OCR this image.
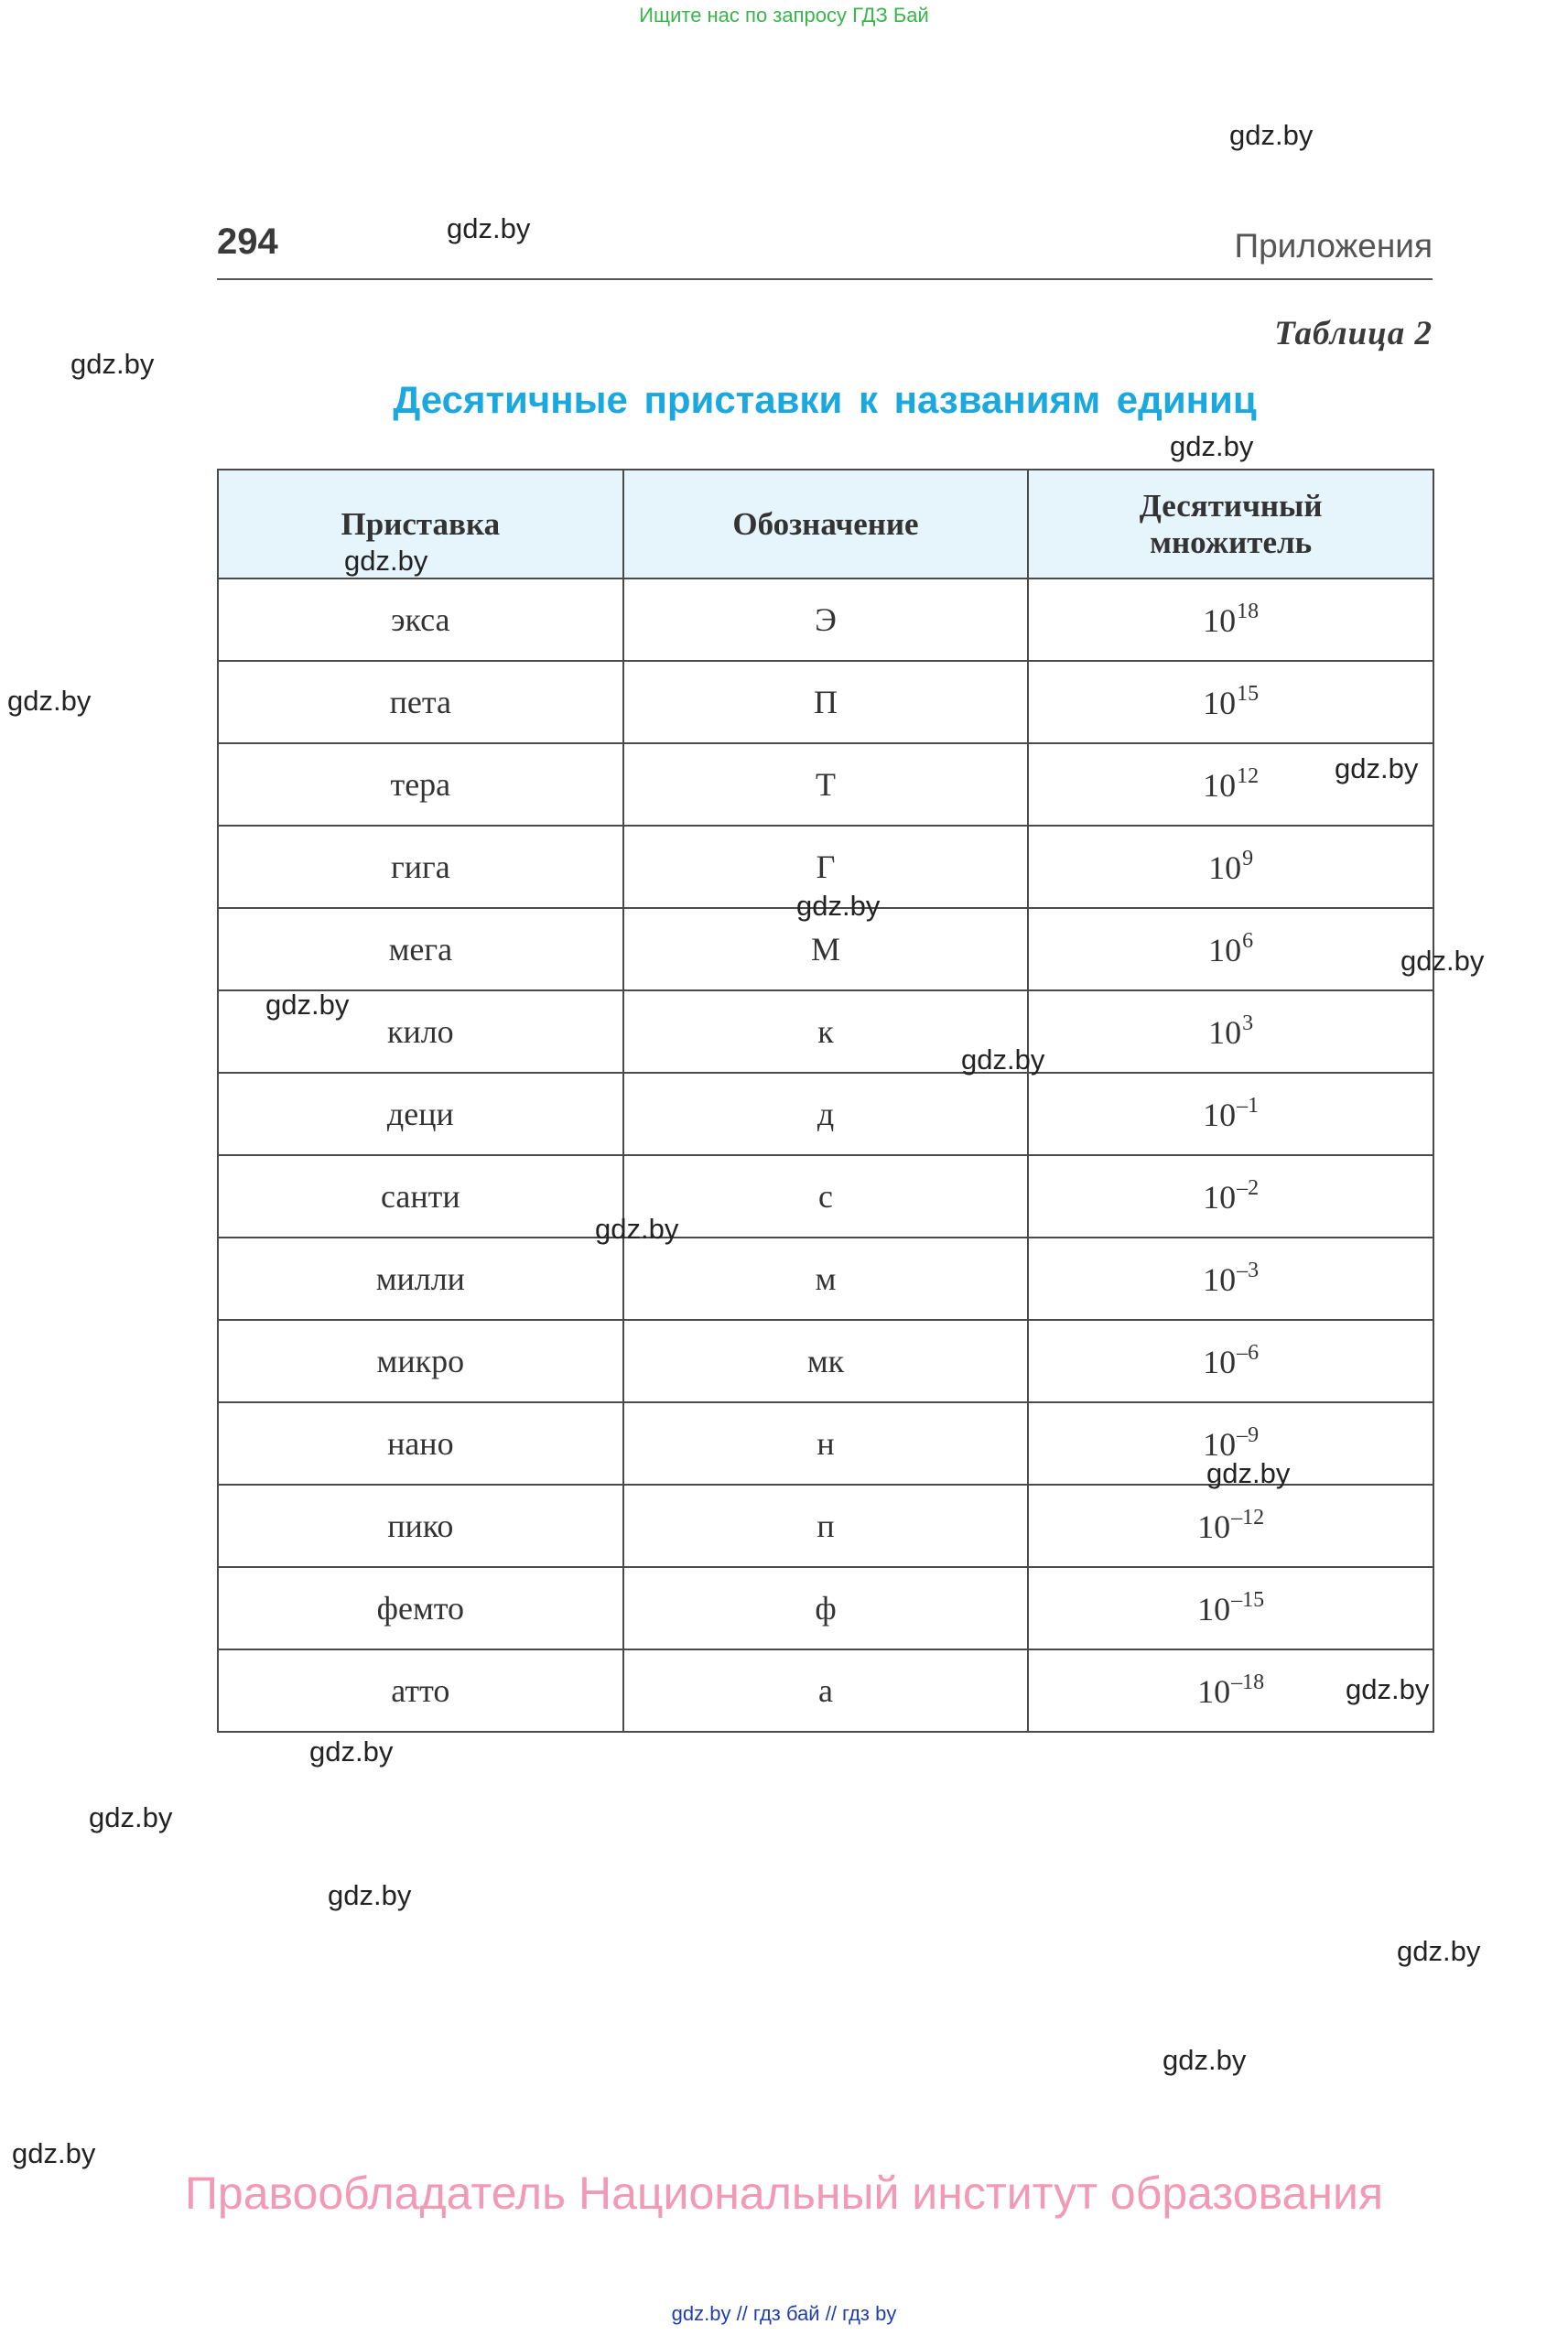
Ищите нас по запросу ГДЗ Бай
294	Приложения
Таблица 2
Десятичные приставки к названиям единиц
Приставка	Обозначение	Десятичный
множитель
экса	Э	$10^{18}$
пета	П	$10^{15}$
тера	Т	$10^{12}$
гига	Г	$10^9$
мега	М	$10^6$
кило	к	$10^3$
деци	д	$10^{-1}$
санти	с	$10^{-2}$
милли	м	$10^{-3}$
микро	мк	$10^{-6}$
нано	н	$10^{-9}$
пико	п	$10^{-12}$
фемто	ф	$10^{-15}$
атто	а	$10^{-18}$
gdz.by
gdz.by
gdz.by
gdz.by
gdz.by
gdz.by
gdz.by
gdz.by
gdz.by
gdz.by
gdz.by
gdz.by
gdz.by
gdz.by
gdz.by
gdz.by
gdz.by
gdz.by
gdz.by
gdz.by
Правообладатель Национальный институт образования
gdz.by // гдз бай // гдз by
